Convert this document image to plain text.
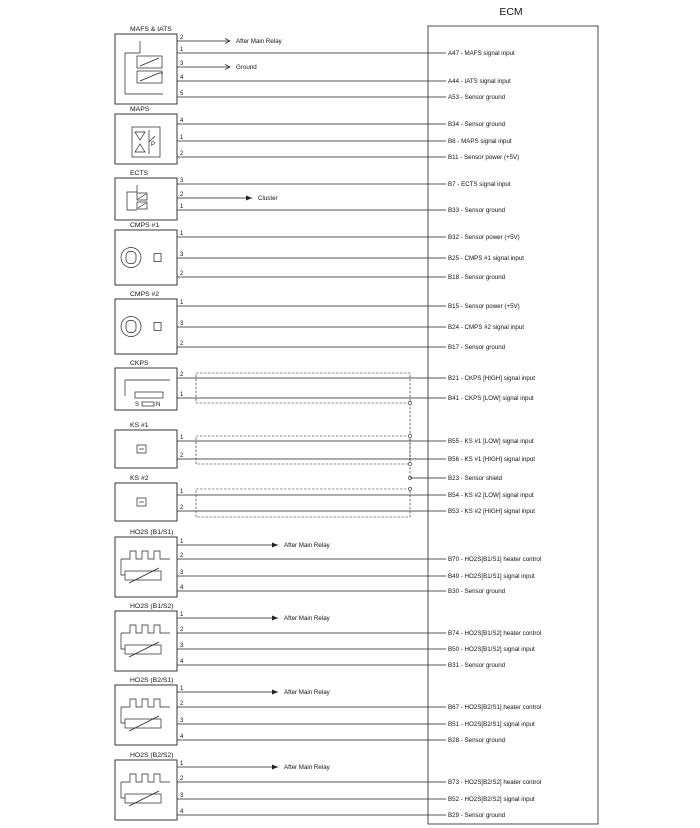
ECM
MAFS & IATS
2	After Main Relay
1	A47 - MAFS signal input
3	Ground
4	A44 - IATS signal input
5	A53 - Sensor ground
MAPS
P
4	B34 - Sensor ground
1	B8 - MAPS signal input
2	B11 - Sensor power (+5V)
ECTS
3	B7 - ECTS signal input
2	Cluster
1	B33 - Sensor ground
CMPS #1
1	B32 - Sensor power (+5V)
3	B25 - CMPS #1 signal input
2	B18 - Sensor ground
CMPS #2
1	B15 - Sensor power (+5V)
3	B24 - CMPS #2 signal input
2	B17 - Sensor ground
CKPS
S	N
2	B21 - CKPS [HIGH] signal input
1	B41 - CKPS [LOW] signal input
KS #1
1	B55 - KS #1 [LOW] signal input
2	B56 - KS #1 [HIGH] signal input
KS #2
1	B54 - KS #2 [LOW] signal input
2	B53 - KS #2 [HIGH] signal input
HO2S (B1/S1)
1	After Main Relay
2	B70 - HO2S[B1/S1] heater control
3	B49 - HO2S[B1/S1] signal input
4	B30 - Sensor ground
HO2S (B1/S2)
1	After Main Relay
2	B74 - HO2S[B1/S2] heater control
3	B50 - HO2S[B1/S2] signal input
4	B31 - Sensor ground
HO2S (B2/S1)
1	After Main Relay
2	B67 - HO2S[B2/S1] heater control
3	B51 - HO2S[B2/S1] signal input
4	B28 - Sensor ground
HO2S (B2/S2)
1	After Main Relay
2	B73 - HO2S[B2/S2] heater control
3	B52 - HO2S[B2/S2] signal input
4	B29 - Sensor ground
B23 - Sensor shield
